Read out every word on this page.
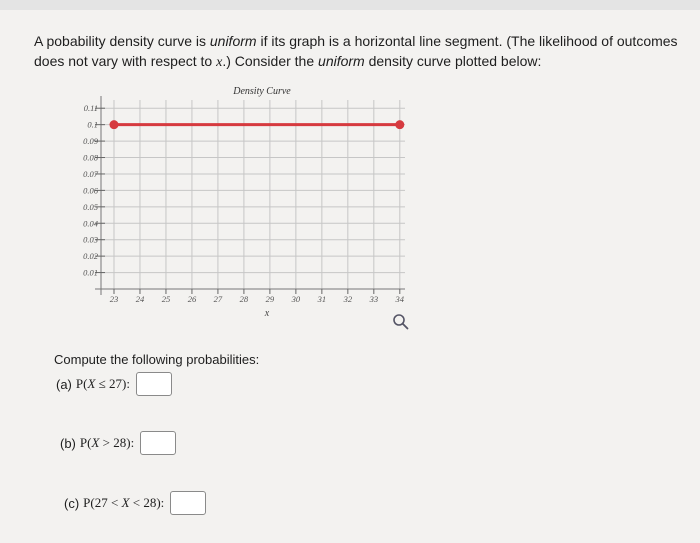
A pobability density curve is uniform if its graph is a horizontal line segment. (The likelihood of outcomes does not vary with respect to x.) Consider the uniform density curve plotted below:

0.01
0.02
0.03
0.04
0.05
0.06
0.07
0.08
0.09
0.1
0.11
23 24 25 26 27 28 29 30 31 32 33 34
Density Curve
x

Compute the following probabilities:

(a) P(X ≤ 27):
(b) P(X > 28):
(c) P(27 < X < 28):
